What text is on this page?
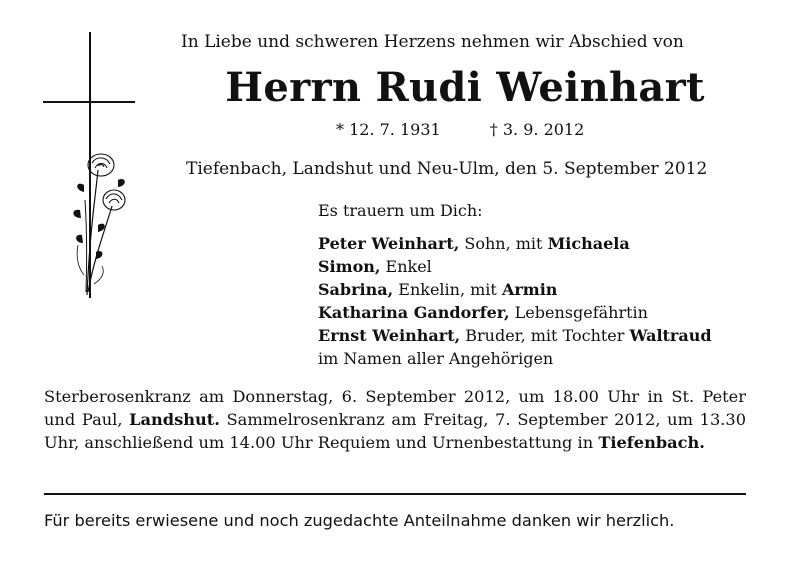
In Liebe und schweren Herzens nehmen wir Abschied von
Herrn Rudi Weinhart
* 12. 7. 1931	† 3. 9. 2012
Tiefenbach, Landshut und Neu-Ulm, den 5. September 2012
Es trauern um Dich:
Peter Weinhart, Sohn, mit Michaela
Simon, Enkel
Sabrina, Enkelin, mit Armin
Katharina Gandorfer, Lebensgefährtin
Ernst Weinhart, Bruder, mit Tochter Waltraud
im Namen aller Angehörigen
Sterberosenkranz am Donnerstag, 6. September 2012, um 18.00 Uhr in St. Peter und Paul, Landshut. Sammelrosenkranz am Freitag, 7. September 2012, um 13.30 Uhr, anschließend um 14.00 Uhr Requiem und Urnenbestattung in Tiefenbach.
Für bereits erwiesene und noch zugedachte Anteilnahme danken wir herzlich.
